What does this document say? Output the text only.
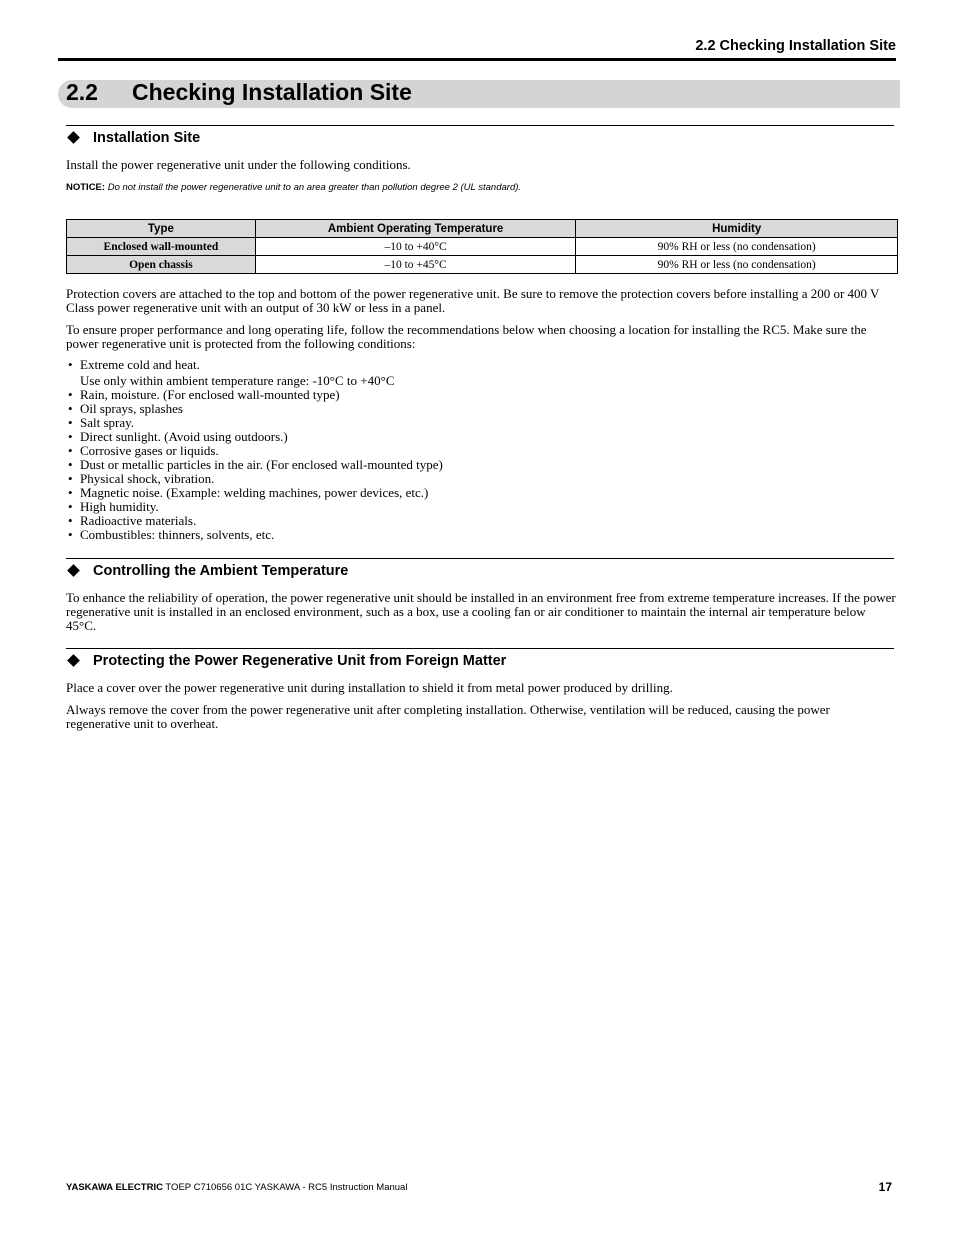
2.2 Checking Installation Site
2.2 Checking Installation Site
Installation Site
Install the power regenerative unit under the following conditions.
NOTICE: Do not install the power regenerative unit to an area greater than pollution degree 2 (UL standard).
Type	Ambient Operating Temperature	Humidity
Enclosed wall-mounted	–10 to +40°C	90% RH or less (no condensation)
Open chassis	–10 to +45°C	90% RH or less (no condensation)
Protection covers are attached to the top and bottom of the power regenerative unit. Be sure to remove the protection covers before installing a 200 or 400 V Class power regenerative unit with an output of 30 kW or less in a panel.
To ensure proper performance and long operating life, follow the recommendations below when choosing a location for installing the RC5. Make sure the power regenerative unit is protected from the following conditions:
• Extreme cold and heat.
Use only within ambient temperature range: -10°C to +40°C
• Rain, moisture. (For enclosed wall-mounted type)
• Oil sprays, splashes
• Salt spray.
• Direct sunlight. (Avoid using outdoors.)
• Corrosive gases or liquids.
• Dust or metallic particles in the air. (For enclosed wall-mounted type)
• Physical shock, vibration.
• Magnetic noise. (Example: welding machines, power devices, etc.)
• High humidity.
• Radioactive materials.
• Combustibles: thinners, solvents, etc.
Controlling the Ambient Temperature
To enhance the reliability of operation, the power regenerative unit should be installed in an environment free from extreme temperature increases. If the power regenerative unit is installed in an enclosed environment, such as a box, use a cooling fan or air conditioner to maintain the internal air temperature below 45°C.
Protecting the Power Regenerative Unit from Foreign Matter
Place a cover over the power regenerative unit during installation to shield it from metal power produced by drilling.
Always remove the cover from the power regenerative unit after completing installation. Otherwise, ventilation will be reduced, causing the power regenerative unit to overheat.
YASKAWA ELECTRIC TOEP C710656 01C YASKAWA - RC5 Instruction Manual	17
